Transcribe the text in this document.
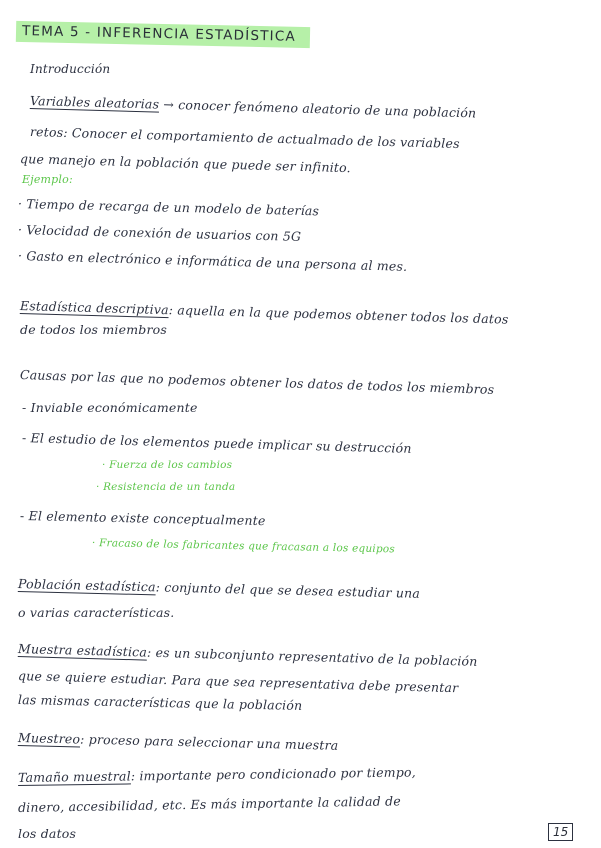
TEMA 5 - INFERENCIA ESTADÍSTICA
Introducción
Variables aleatorias → conocer fenómeno aleatorio de una población
retos: Conocer el comportamiento de actualmado de los variables
que manejo en la población que puede ser infinito.
Ejemplo:
· Tiempo de recarga de un modelo de baterías
· Velocidad de conexión de usuarios con 5G
· Gasto en electrónico e informática de una persona al mes.
Estadística descriptiva: aquella en la que podemos obtener todos los datos
de todos los miembros
Causas por las que no podemos obtener los datos de todos los miembros
- Inviable económicamente
- El estudio de los elementos puede implicar su destrucción
· Fuerza de los cambios
· Resistencia de un tanda
- El elemento existe conceptualmente
· Fracaso de los fabricantes que fracasan a los equipos
Población estadística: conjunto del que se desea estudiar una
o varias características.
Muestra estadística: es un subconjunto representativo de la población
que se quiere estudiar. Para que sea representativa debe presentar
las mismas características que la población
Muestreo: proceso para seleccionar una muestra
Tamaño muestral: importante pero condicionado por tiempo,
dinero, accesibilidad, etc. Es más importante la calidad de
los datos	15
